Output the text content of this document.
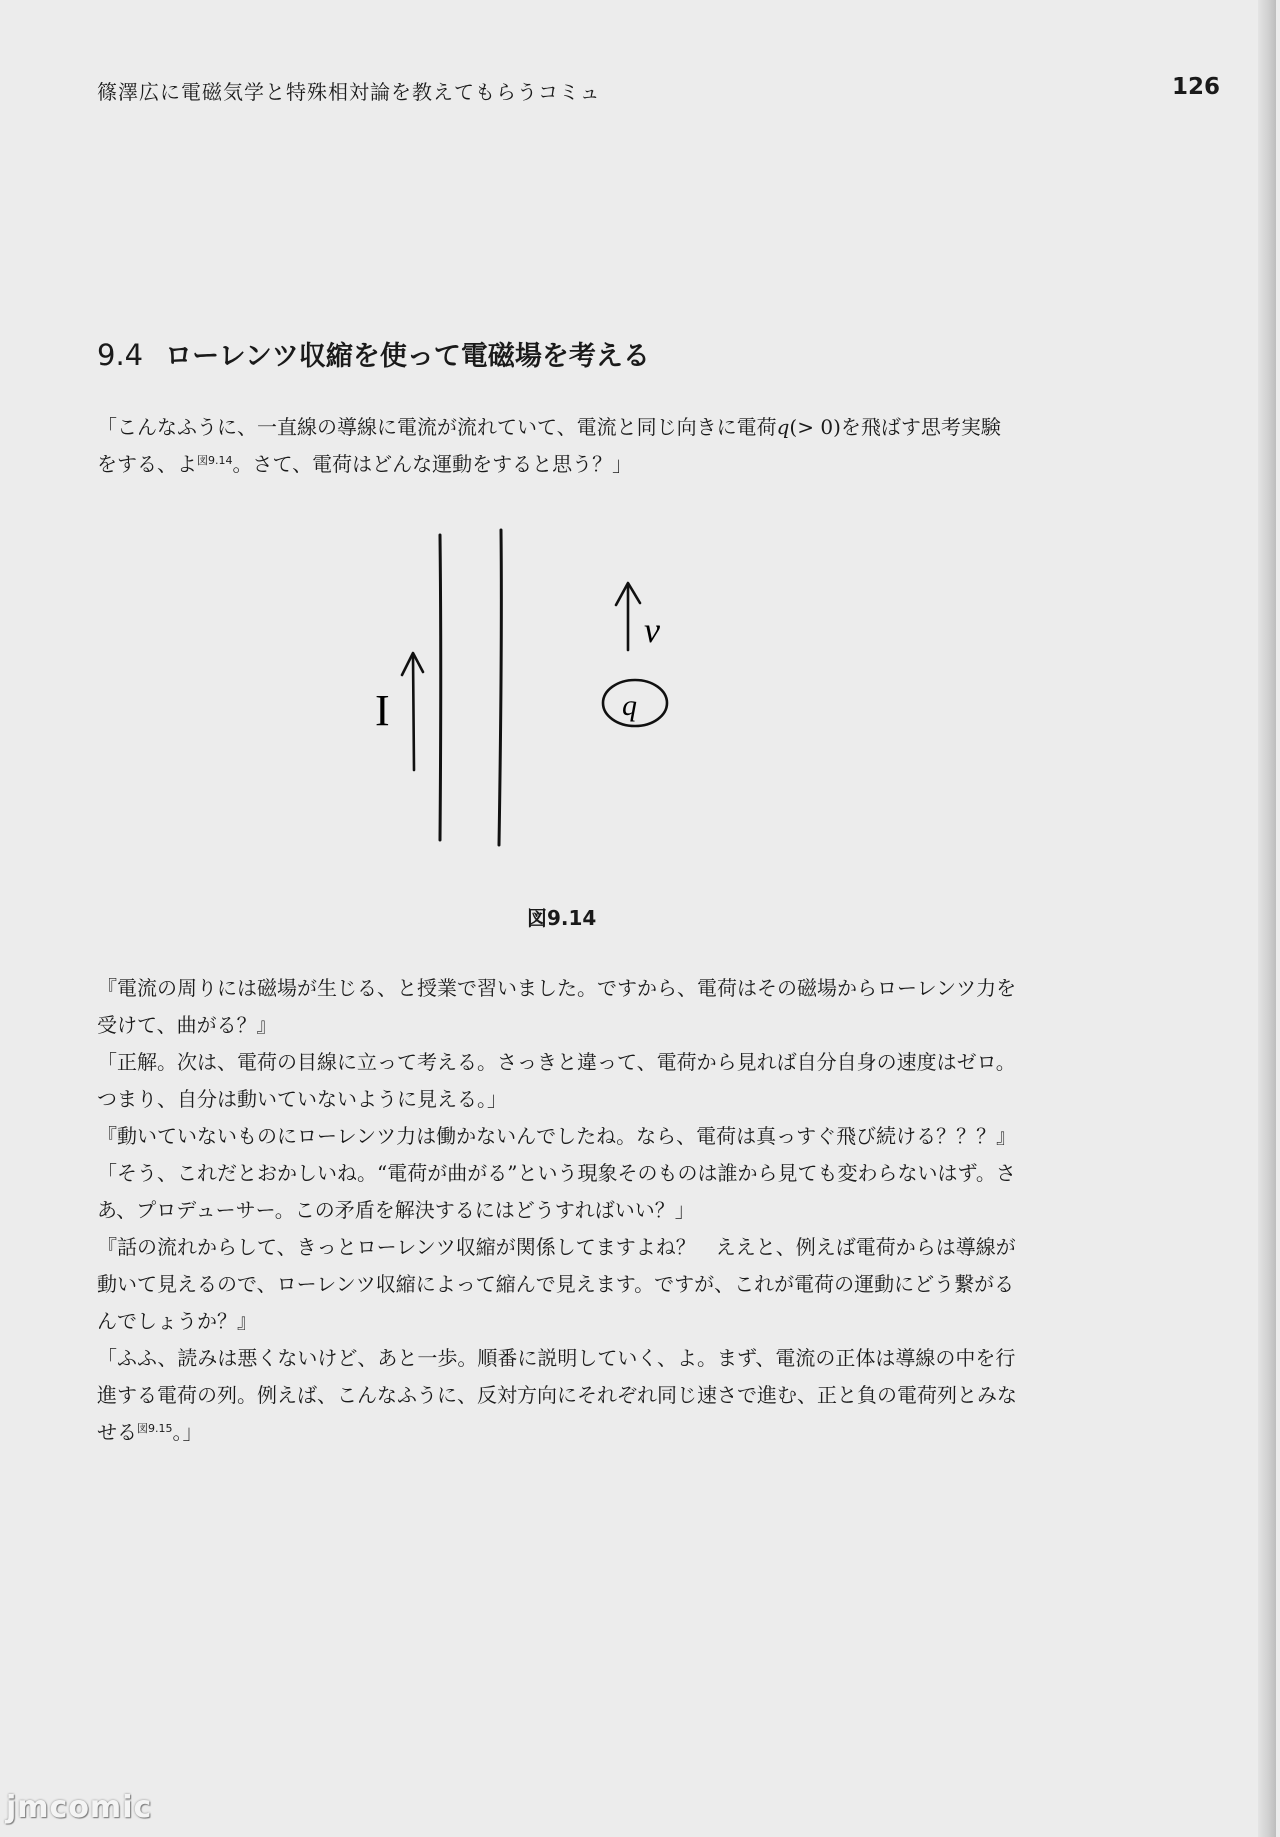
篠澤広に電磁気学と特殊相対論を教えてもらうコミュ	126
9.4 ローレンツ収縮を使って電磁場を考える
「こんなふうに、一直線の導線に電流が流れていて、電流と同じ向きに電荷q(> 0)を飛ばす思考実験をする、よ$^{図9.14}$。さて、電荷はどんな運動をすると思う？」
I
v
q
図9.14

『電流の周りには磁場が生じる、と授業で習いました。ですから、電荷はその磁場からローレンツ力を受けて、曲がる？』

「正解。次は、電荷の目線に立って考える。さっきと違って、電荷から見れば自分自身の速度はゼロ。つまり、自分は動いていないように見える。」

『動いていないものにローレンツ力は働かないんでしたね。なら、電荷は真っすぐ飛び続ける？？？』

「そう、これだとおかしいね。“電荷が曲がる”という現象そのものは誰から見ても変わらないはず。さあ、プロデューサー。この矛盾を解決するにはどうすればいい？」

『話の流れからして、きっとローレンツ収縮が関係してますよね？　ええと、例えば電荷からは導線が動いて見えるので、ローレンツ収縮によって縮んで見えます。ですが、これが電荷の運動にどう繋がるんでしょうか？』

「ふふ、読みは悪くないけど、あと一歩。順番に説明していく、よ。まず、電流の正体は導線の中を行進する電荷の列。例えば、こんなふうに、反対方向にそれぞれ同じ速さで進む、正と負の電荷列とみなせる$^{図9.15}$。」

jmcomic
